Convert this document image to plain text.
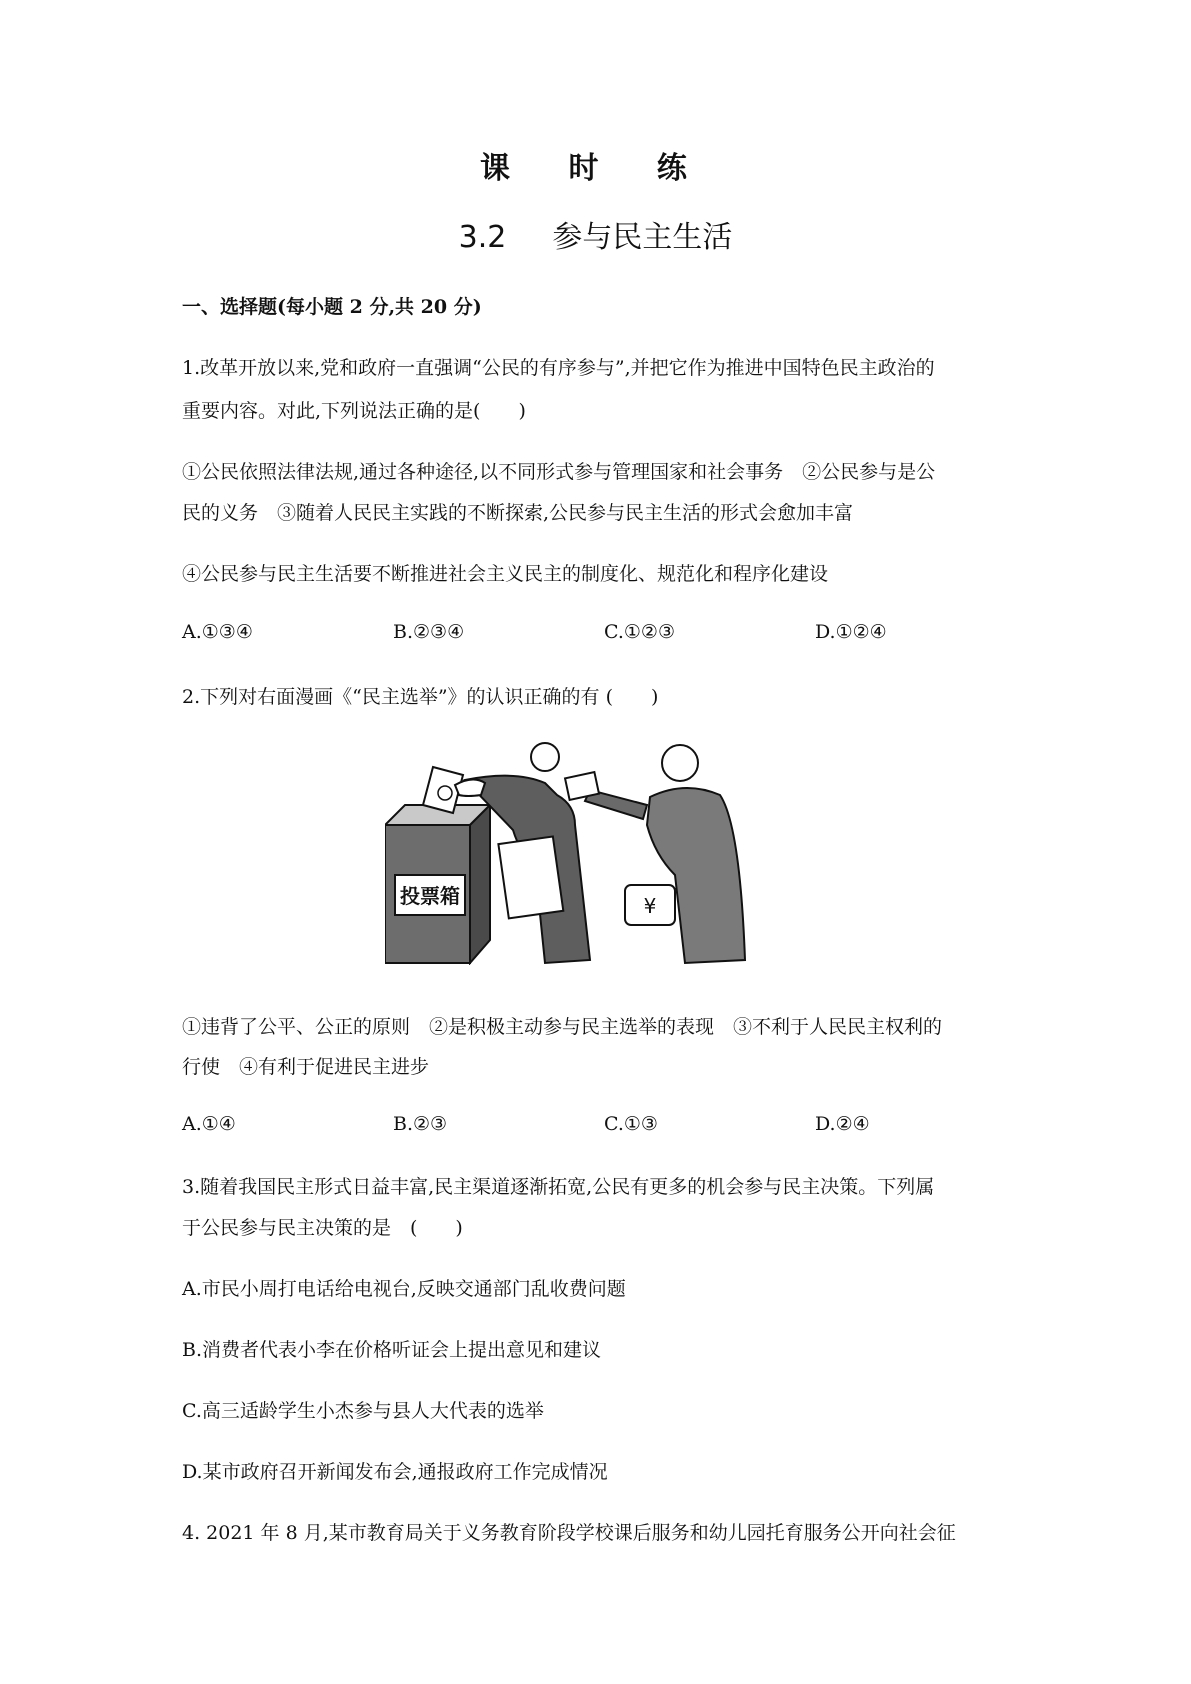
课 时 练
3.2 参与民主生活
一、选择题(每小题 2 分,共 20 分)
1.改革开放以来,党和政府一直强调“公民的有序参与”,并把它作为推进中国特色民主政治的
重要内容。对此,下列说法正确的是(　　)
①公民依照法律法规,通过各种途径,以不同形式参与管理国家和社会事务　②公民参与是公
民的义务　③随着人民民主实践的不断探索,公民参与民主生活的形式会愈加丰富
④公民参与民主生活要不断推进社会主义民主的制度化、规范化和程序化建设
A.①③④	B.②③④	C.①②③	D.①②④
2.下列对右面漫画《“民主选举”》的认识正确的有 (　　)
投票箱	¥
①违背了公平、公正的原则　②是积极主动参与民主选举的表现　③不利于人民民主权利的
行使　④有利于促进民主进步
A.①④	B.②③	C.①③	D.②④
3.随着我国民主形式日益丰富,民主渠道逐渐拓宽,公民有更多的机会参与民主决策。下列属
于公民参与民主决策的是　(　　)
A.市民小周打电话给电视台,反映交通部门乱收费问题
B.消费者代表小李在价格听证会上提出意见和建议
C.高三适龄学生小杰参与县人大代表的选举
D.某市政府召开新闻发布会,通报政府工作完成情况
4. 2021 年 8 月,某市教育局关于义务教育阶段学校课后服务和幼儿园托育服务公开向社会征
